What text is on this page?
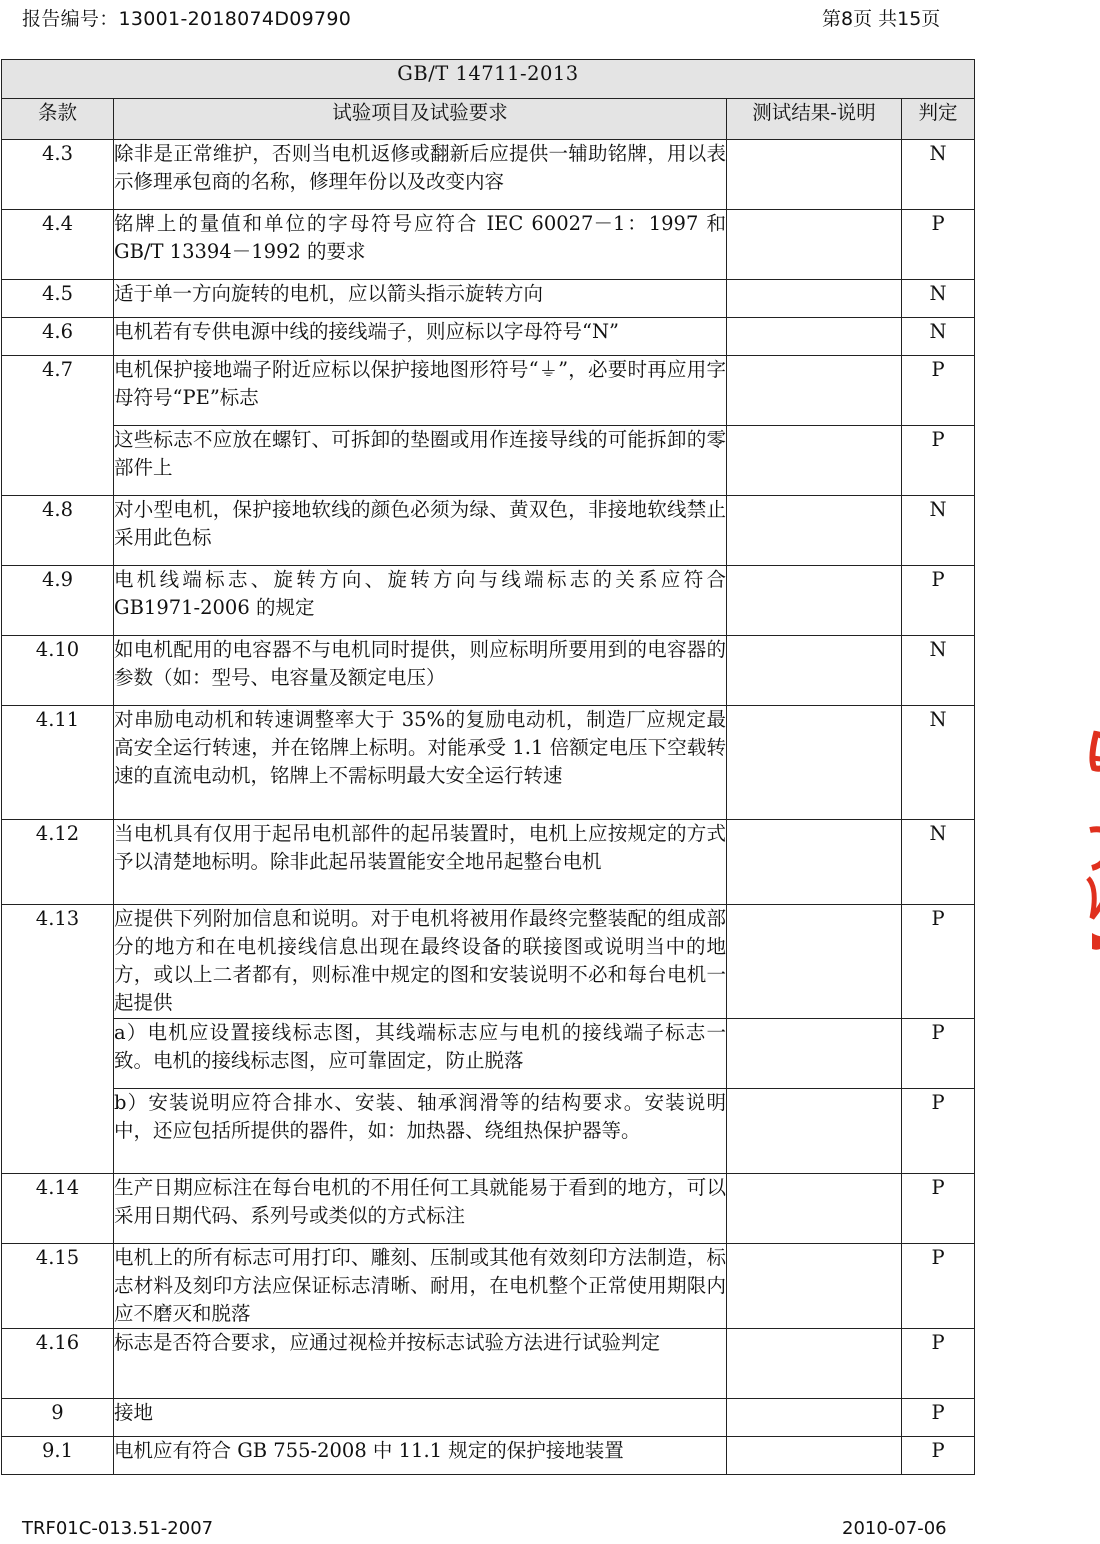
报告编号：13001-2018074D09790	第8页 共15页
GB/T 14711-2013			
条款	试验项目及试验要求	测试结果-说明	判定
4.3	除非是正常维护，否则当电机返修或翻新后应提供一辅助铭牌，用以表示修理承包商的名称，修理年份以及改变内容		N
4.4	铭牌上的量值和单位的字母符号应符合 IEC 60027－1：1997 和 GB/T 13394－1992 的要求		P
4.5	适于单一方向旋转的电机，应以箭头指示旋转方向		N
4.6	电机若有专供电源中线的接线端子，则应标以字母符号“N”		N
4.7	电机保护接地端子附近应标以保护接地图形符号“⏚”，必要时再应用字母符号“PE”标志		P
	这些标志不应放在螺钉、可拆卸的垫圈或用作连接导线的可能拆卸的零部件上		P
4.8	对小型电机，保护接地软线的颜色必须为绿、黄双色，非接地软线禁止采用此色标		N
4.9	电机线端标志、旋转方向、旋转方向与线端标志的关系应符合 GB1971-2006 的规定		P
4.10	如电机配用的电容器不与电机同时提供，则应标明所要用到的电容器的参数（如：型号、电容量及额定电压）		N
4.11	对串励电动机和转速调整率大于 35%的复励电动机，制造厂应规定最高安全运行转速，并在铭牌上标明。对能承受 1.1 倍额定电压下空载转速的直流电动机，铭牌上不需标明最大安全运行转速		N
4.12	当电机具有仅用于起吊电机部件的起吊装置时，电机上应按规定的方式予以清楚地标明。除非此起吊装置能安全地吊起整台电机		N
4.13	应提供下列附加信息和说明。对于电机将被用作最终完整装配的组成部分的地方和在电机接线信息出现在最终设备的联接图或说明当中的地方，或以上二者都有，则标准中规定的图和安装说明不必和每台电机一起提供		P
	a）电机应设置接线标志图，其线端标志应与电机的接线端子标志一致。电机的接线标志图，应可靠固定，防止脱落		P
	b）安装说明应符合排水、安装、轴承润滑等的结构要求。安装说明中，还应包括所提供的器件，如：加热器、绕组热保护器等。		P
4.14	生产日期应标注在每台电机的不用任何工具就能易于看到的地方，可以采用日期代码、系列号或类似的方式标注		P
4.15	电机上的所有标志可用打印、雕刻、压制或其他有效刻印方法制造，标志材料及刻印方法应保证标志清晰、耐用，在电机整个正常使用期限内应不磨灭和脱落		P
4.16	标志是否符合要求，应通过视检并按标志试验方法进行试验判定		P
9	接地		P
9.1	电机应有符合 GB 755-2008 中 11.1 规定的保护接地装置		P
TRF01C-013.51-2007	2010-07-06
